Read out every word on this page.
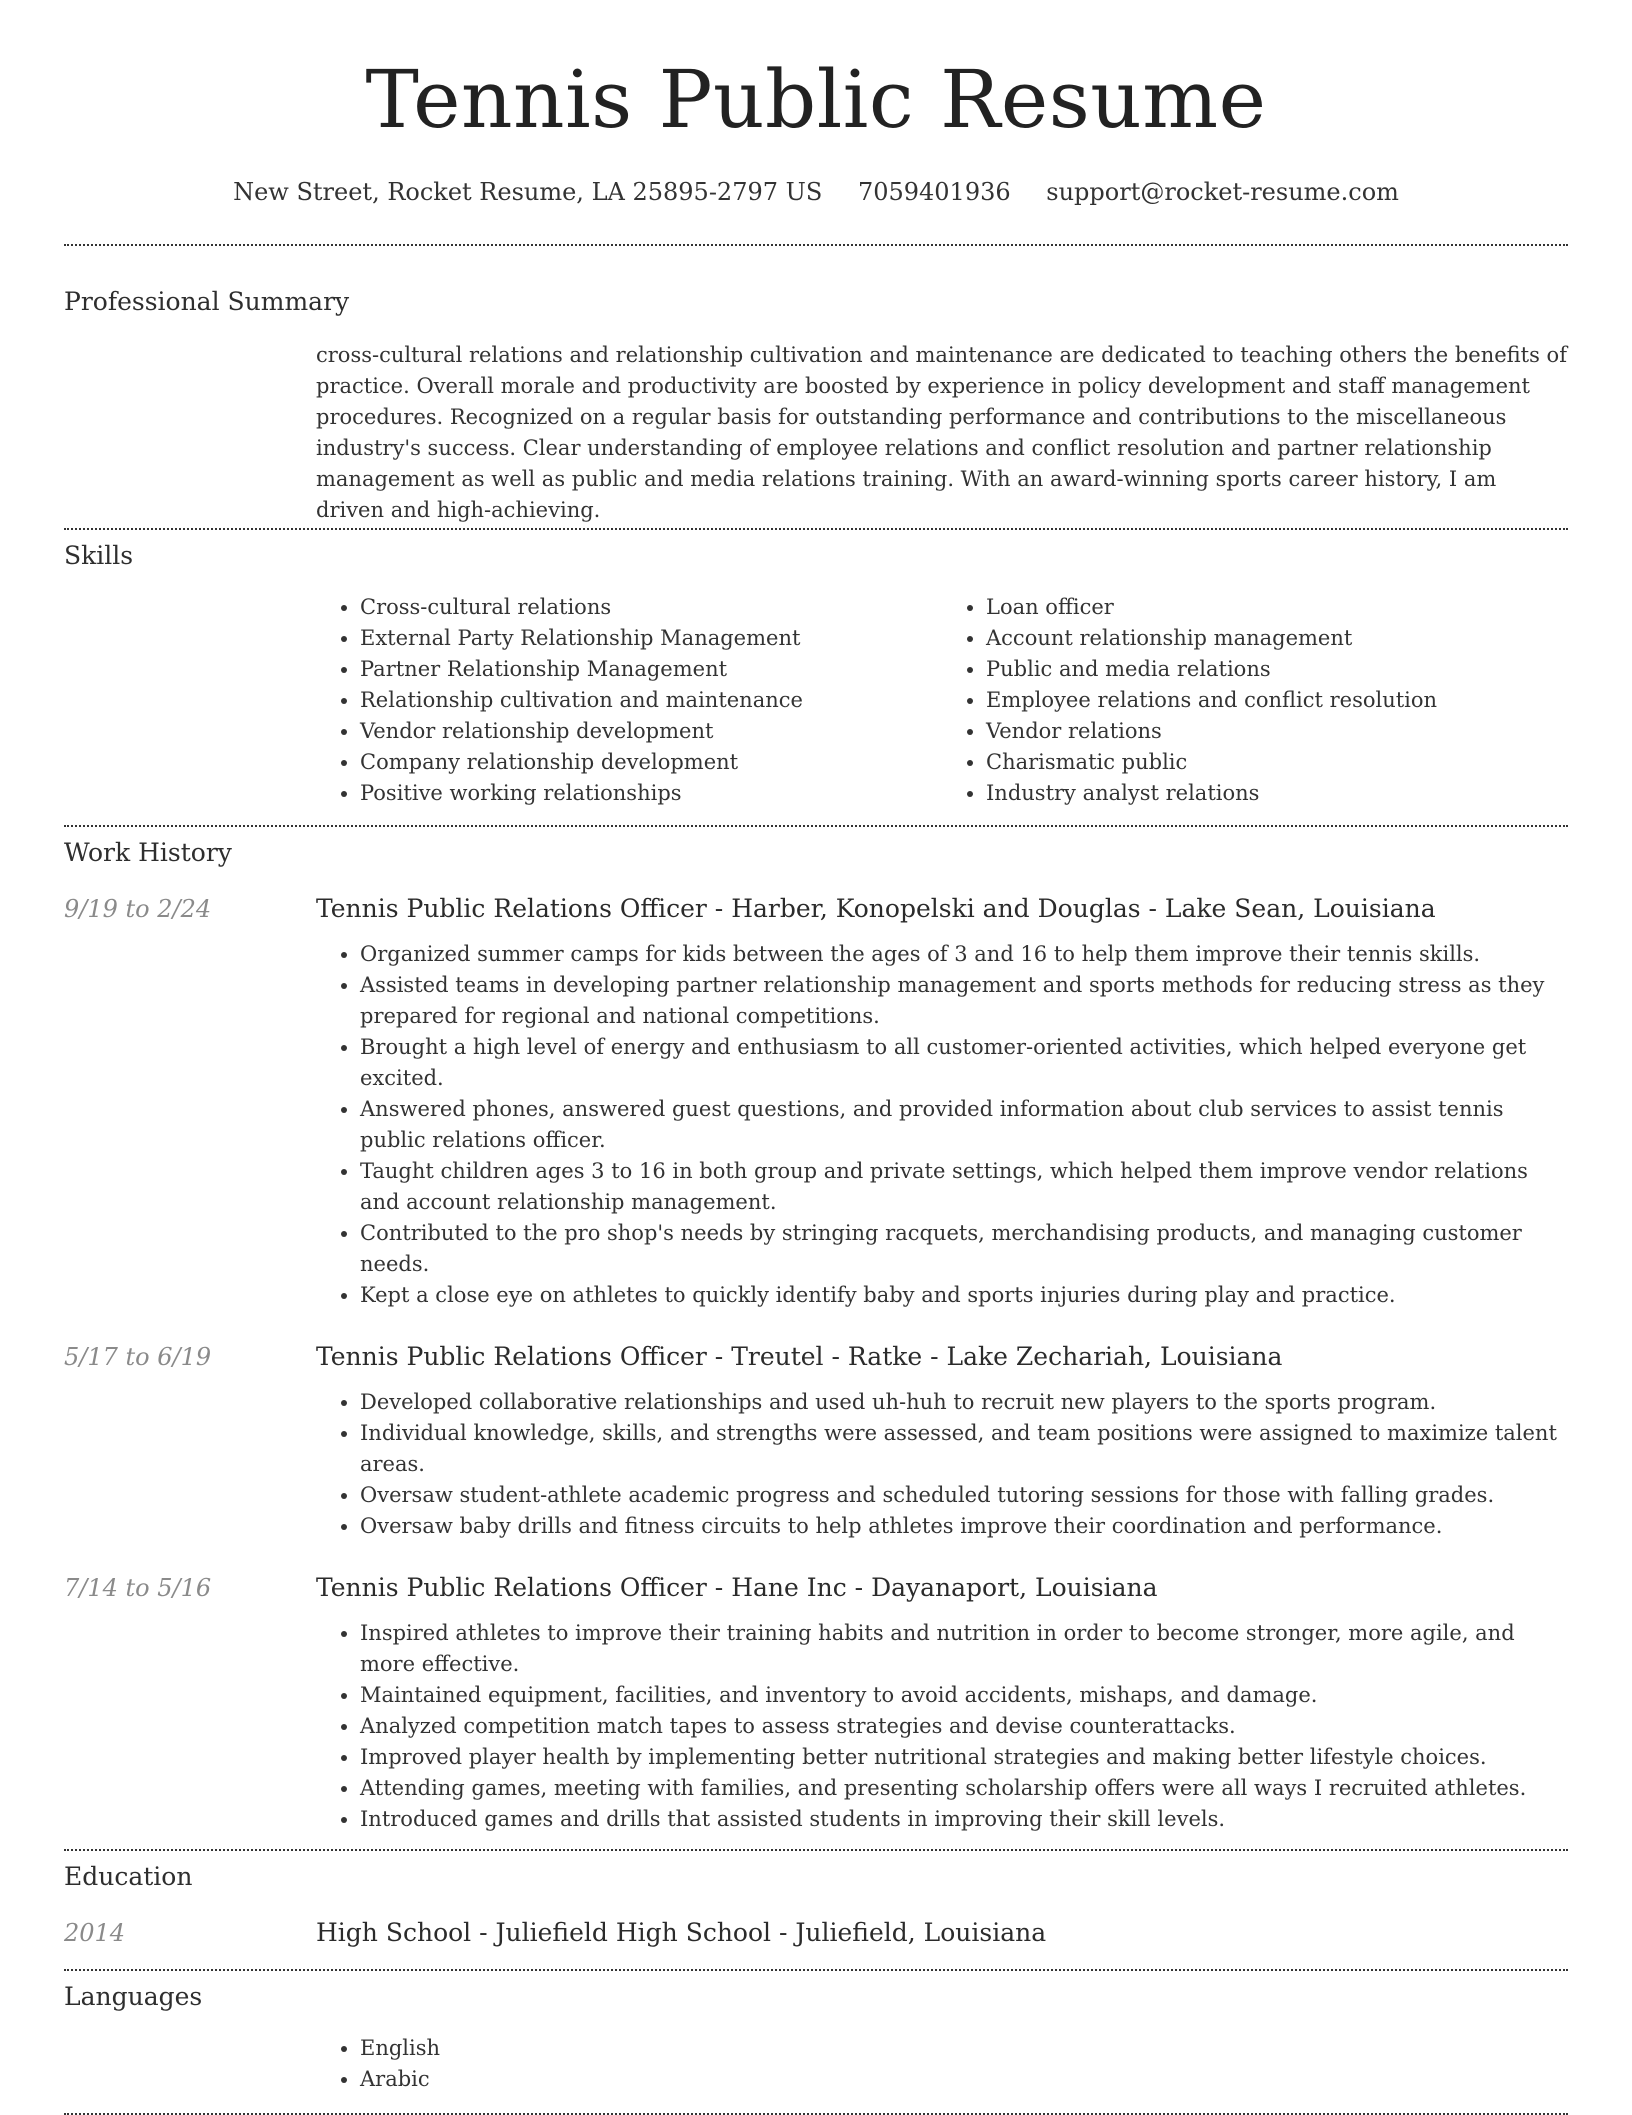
Tennis Public Resume
New Street, Rocket Resume, LA 25895-2797 US 7059401936 support@rocket-resume.com
Professional Summary

cross-cultural relations and relationship cultivation and maintenance are dedicated to teaching others the benefits of practice. Overall morale and productivity are boosted by experience in policy development and staff management procedures. Recognized on a regular basis for outstanding performance and contributions to the miscellaneous industry's success. Clear understanding of employee relations and conflict resolution and partner relationship management as well as public and media relations training. With an award-winning sports career history, I am driven and high-achieving.

Skills
• Cross-cultural relations
• External Party Relationship Management
• Partner Relationship Management
• Relationship cultivation and maintenance
• Vendor relationship development
• Company relationship development
• Positive working relationships
• Loan officer
• Account relationship management
• Public and media relations
• Employee relations and conflict resolution
• Vendor relations
• Charismatic public
• Industry analyst relations
Work History
9/19 to 2/24	Tennis Public Relations Officer - Harber, Konopelski and Douglas - Lake Sean, Louisiana
• Organized summer camps for kids between the ages of 3 and 16 to help them improve their tennis skills.
• Assisted teams in developing partner relationship management and sports methods for reducing stress as they prepared for regional and national competitions.
• Brought a high level of energy and enthusiasm to all customer-oriented activities, which helped everyone get excited.
• Answered phones, answered guest questions, and provided information about club services to assist tennis public relations officer.
• Taught children ages 3 to 16 in both group and private settings, which helped them improve vendor relations and account relationship management.
• Contributed to the pro shop's needs by stringing racquets, merchandising products, and managing customer needs.
• Kept a close eye on athletes to quickly identify baby and sports injuries during play and practice.
5/17 to 6/19	Tennis Public Relations Officer - Treutel - Ratke - Lake Zechariah, Louisiana
• Developed collaborative relationships and used uh-huh to recruit new players to the sports program.
• Individual knowledge, skills, and strengths were assessed, and team positions were assigned to maximize talent areas.
• Oversaw student-athlete academic progress and scheduled tutoring sessions for those with falling grades.
• Oversaw baby drills and fitness circuits to help athletes improve their coordination and performance.
7/14 to 5/16	Tennis Public Relations Officer - Hane Inc - Dayanaport, Louisiana
• Inspired athletes to improve their training habits and nutrition in order to become stronger, more agile, and more effective.
• Maintained equipment, facilities, and inventory to avoid accidents, mishaps, and damage.
• Analyzed competition match tapes to assess strategies and devise counterattacks.
• Improved player health by implementing better nutritional strategies and making better lifestyle choices.
• Attending games, meeting with families, and presenting scholarship offers were all ways I recruited athletes.
• Introduced games and drills that assisted students in improving their skill levels.
Education
2014	High School - Juliefield High School - Juliefield, Louisiana
Languages
• English
• Arabic
